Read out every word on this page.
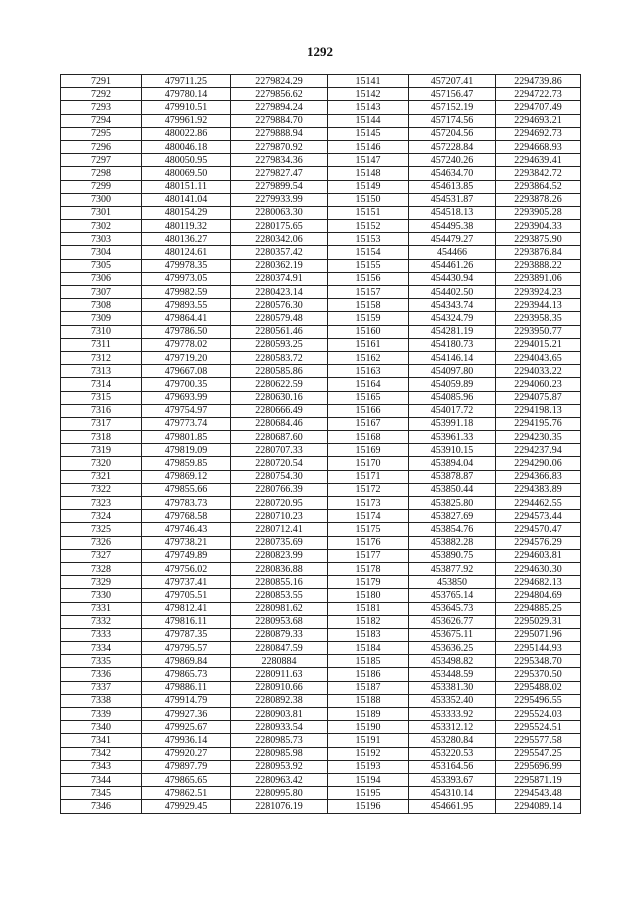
1292
7291	479711.25	2279824.29	15141	457207.41	2294739.86
7292	479780.14	2279856.62	15142	457156.47	2294722.73
7293	479910.51	2279894.24	15143	457152.19	2294707.49
7294	479961.92	2279884.70	15144	457174.56	2294693.21
7295	480022.86	2279888.94	15145	457204.56	2294692.73
7296	480046.18	2279870.92	15146	457228.84	2294668.93
7297	480050.95	2279834.36	15147	457240.26	2294639.41
7298	480069.50	2279827.47	15148	454634.70	2293842.72
7299	480151.11	2279899.54	15149	454613.85	2293864.52
7300	480141.04	2279933.99	15150	454531.87	2293878.26
7301	480154.29	2280063.30	15151	454518.13	2293905.28
7302	480119.32	2280175.65	15152	454495.38	2293904.33
7303	480136.27	2280342.06	15153	454479.27	2293875.90
7304	480124.61	2280357.42	15154	454466	2293876.84
7305	479978.35	2280362.19	15155	454461.26	2293888.22
7306	479973.05	2280374.91	15156	454430.94	2293891.06
7307	479982.59	2280423.14	15157	454402.50	2293924.23
7308	479893.55	2280576.30	15158	454343.74	2293944.13
7309	479864.41	2280579.48	15159	454324.79	2293958.35
7310	479786.50	2280561.46	15160	454281.19	2293950.77
7311	479778.02	2280593.25	15161	454180.73	2294015.21
7312	479719.20	2280583.72	15162	454146.14	2294043.65
7313	479667.08	2280585.86	15163	454097.80	2294033.22
7314	479700.35	2280622.59	15164	454059.89	2294060.23
7315	479693.99	2280630.16	15165	454085.96	2294075.87
7316	479754.97	2280666.49	15166	454017.72	2294198.13
7317	479773.74	2280684.46	15167	453991.18	2294195.76
7318	479801.85	2280687.60	15168	453961.33	2294230.35
7319	479819.09	2280707.33	15169	453910.15	2294237.94
7320	479859.85	2280720.54	15170	453894.04	2294290.06
7321	479869.12	2280754.30	15171	453878.87	2294366.83
7322	479855.66	2280766.39	15172	453850.44	2294383.89
7323	479783.73	2280720.95	15173	453825.80	2294462.55
7324	479768.58	2280710.23	15174	453827.69	2294573.44
7325	479746.43	2280712.41	15175	453854.76	2294570.47
7326	479738.21	2280735.69	15176	453882.28	2294576.29
7327	479749.89	2280823.99	15177	453890.75	2294603.81
7328	479756.02	2280836.88	15178	453877.92	2294630.30
7329	479737.41	2280855.16	15179	453850	2294682.13
7330	479705.51	2280853.55	15180	453765.14	2294804.69
7331	479812.41	2280981.62	15181	453645.73	2294885.25
7332	479816.11	2280953.68	15182	453626.77	2295029.31
7333	479787.35	2280879.33	15183	453675.11	2295071.96
7334	479795.57	2280847.59	15184	453636.25	2295144.93
7335	479869.84	2280884	15185	453498.82	2295348.70
7336	479865.73	2280911.63	15186	453448.59	2295370.50
7337	479886.11	2280910.66	15187	453381.30	2295488.02
7338	479914.79	2280892.38	15188	453352.40	2295496.55
7339	479927.36	2280903.81	15189	453333.92	2295524.03
7340	479925.67	2280933.54	15190	453312.12	2295524.51
7341	479936.14	2280985.73	15191	453280.84	2295577.58
7342	479920.27	2280985.98	15192	453220.53	2295547.25
7343	479897.79	2280953.92	15193	453164.56	2295696.99
7344	479865.65	2280963.42	15194	453393.67	2295871.19
7345	479862.51	2280995.80	15195	454310.14	2294543.48
7346	479929.45	2281076.19	15196	454661.95	2294089.14
